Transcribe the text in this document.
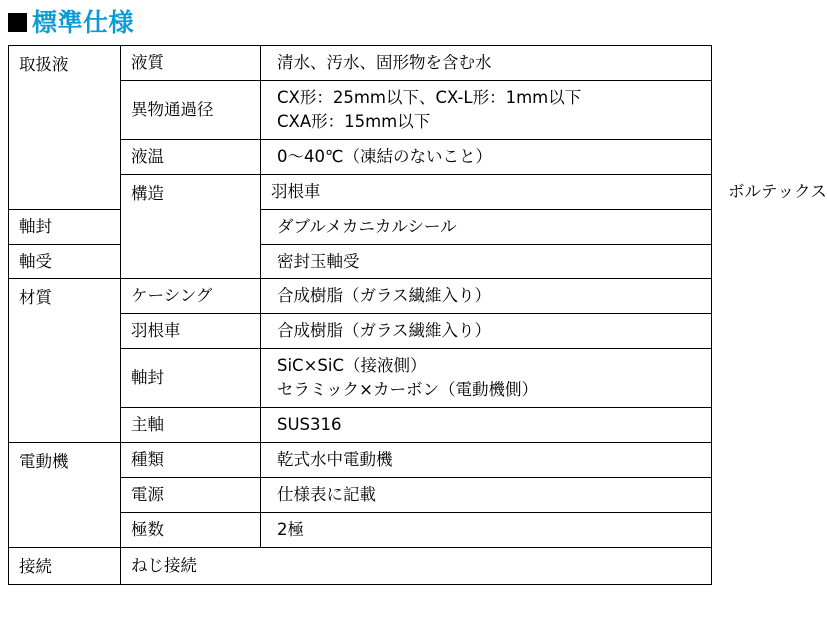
標準仕様
取扱液	液質	清水、汚水、固形物を含む水	
	異物通過径	CX形：25mm以下、CX-L形：1mm以下
CXA形：15mm以下	

	液温	0〜40℃（凍結のないこと）	
	構造	羽根車	ボルテックス
軸封		ダブルメカニカルシール	
軸受		密封玉軸受	
材質	ケーシング	合成樹脂（ガラス繊維入り）	
	羽根車	合成樹脂（ガラス繊維入り）	
	軸封	SiC×SiC（接液側）
セラミック×カーボン（電動機側）	

	主軸	SUS316	
電動機	種類	乾式水中電動機	
	電源	仕様表に記載	
	極数	2極	
接続	ねじ接続		
